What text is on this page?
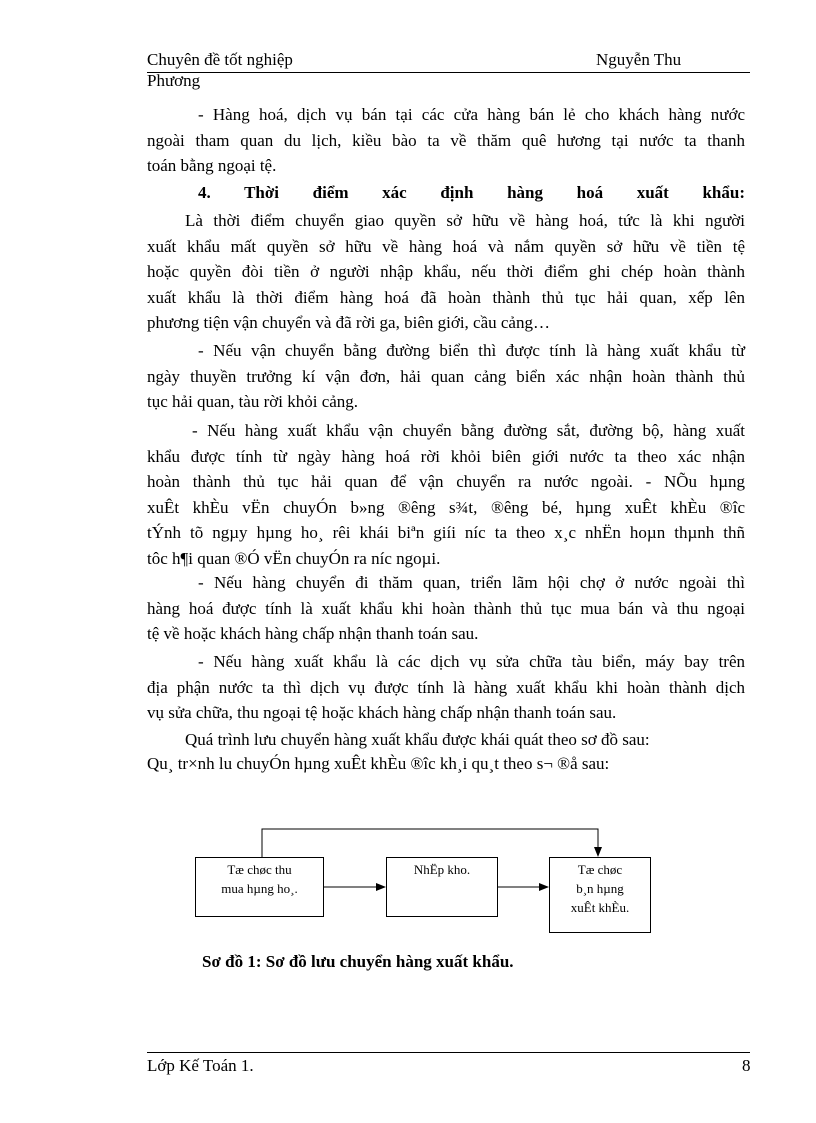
Chuyên đề tốt nghiệp	Nguyễn Thu
Phương
- Hàng hoá, dịch vụ bán tại các cửa hàng bán lẻ cho khách hàng nước
ngoài tham quan du lịch, kiều bào ta về thăm quê hương tại nước ta thanh
toán bằng ngoại tệ.
4. Thời điểm xác định hàng hoá xuất khẩu:
Là thời điểm chuyển giao quyền sở hữu về hàng hoá, tức là khi người
xuất khẩu mất quyền sở hữu về hàng hoá và nắm quyền sở hữu về tiền tệ
hoặc quyền đòi tiền ở người nhập khẩu, nếu thời điểm ghi chép hoàn thành
xuất khẩu là thời điểm hàng hoá đã hoàn thành thủ tục hải quan, xếp lên
phương tiện vận chuyển và đã rời ga, biên giới, cầu cảng…
- Nếu vận chuyển bằng đường biển thì được tính là hàng xuất khẩu từ
ngày thuyền trưởng kí vận đơn, hải quan cảng biển xác nhận hoàn thành thủ
tục hải quan, tàu rời khỏi cảng.
- Nếu hàng xuất khẩu vận chuyển bằng đường sắt, đường bộ, hàng xuất
khẩu được tính từ ngày hàng hoá rời khỏi biên giới nước ta theo xác nhận
hoàn thành thủ tục hải quan để vận chuyển ra nước ngoài. - NÕu hµng
xuÊt khÈu vËn chuyÓn b»ng ®êng s¾t, ®êng bé, hµng xuÊt khÈu ®îc
tÝnh tõ ngµy hµng ho¸ rêi khái biªn giíi níc ta theo x¸c nhËn hoµn thµnh thñ
tôc h¶i quan ®Ó vËn chuyÓn ra níc ngoµi.
- Nếu hàng chuyển đi thăm quan, triển lãm hội chợ ở nước ngoài thì
hàng hoá được tính là xuất khẩu khi hoàn thành thủ tục mua bán và thu ngoại
tệ về hoặc khách hàng chấp nhận thanh toán sau.
- Nếu hàng xuất khẩu là các dịch vụ sửa chữa tàu biển, máy bay trên
địa phận nước ta thì dịch vụ được tính là hàng xuất khẩu khi hoàn thành dịch
vụ sửa chữa, thu ngoại tệ hoặc khách hàng chấp nhận thanh toán sau.
Quá trình lưu chuyển hàng xuất khẩu được khái quát theo sơ đồ sau:
Qu¸ tr×nh lu chuyÓn hµng xuÊt khÈu ®îc kh¸i qu¸t theo s¬ ®å sau:
Tæ chøc thu
mua hµng ho¸.
NhËp kho.	Tæ chøc
b¸n hµng
xuÊt khÈu.
Sơ đồ 1: Sơ đồ lưu chuyển hàng xuất khẩu.
Lớp Kế Toán 1.	8
